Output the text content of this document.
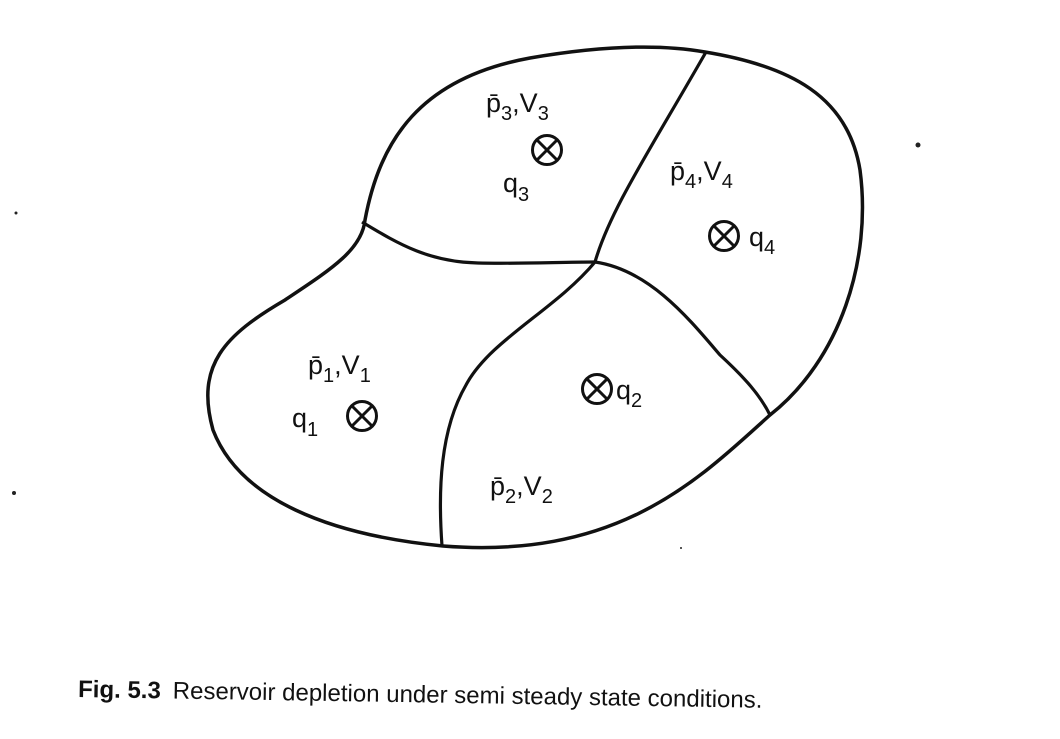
$p̄_3,V_3$
$q_3$
$p̄_4,V_4$
$q_4$
$q_2$
$p̄_2,V_2$
$p̄_1,V_1$
$q_1$
Fig. 5.3 Reservoir depletion under semi steady state conditions.
